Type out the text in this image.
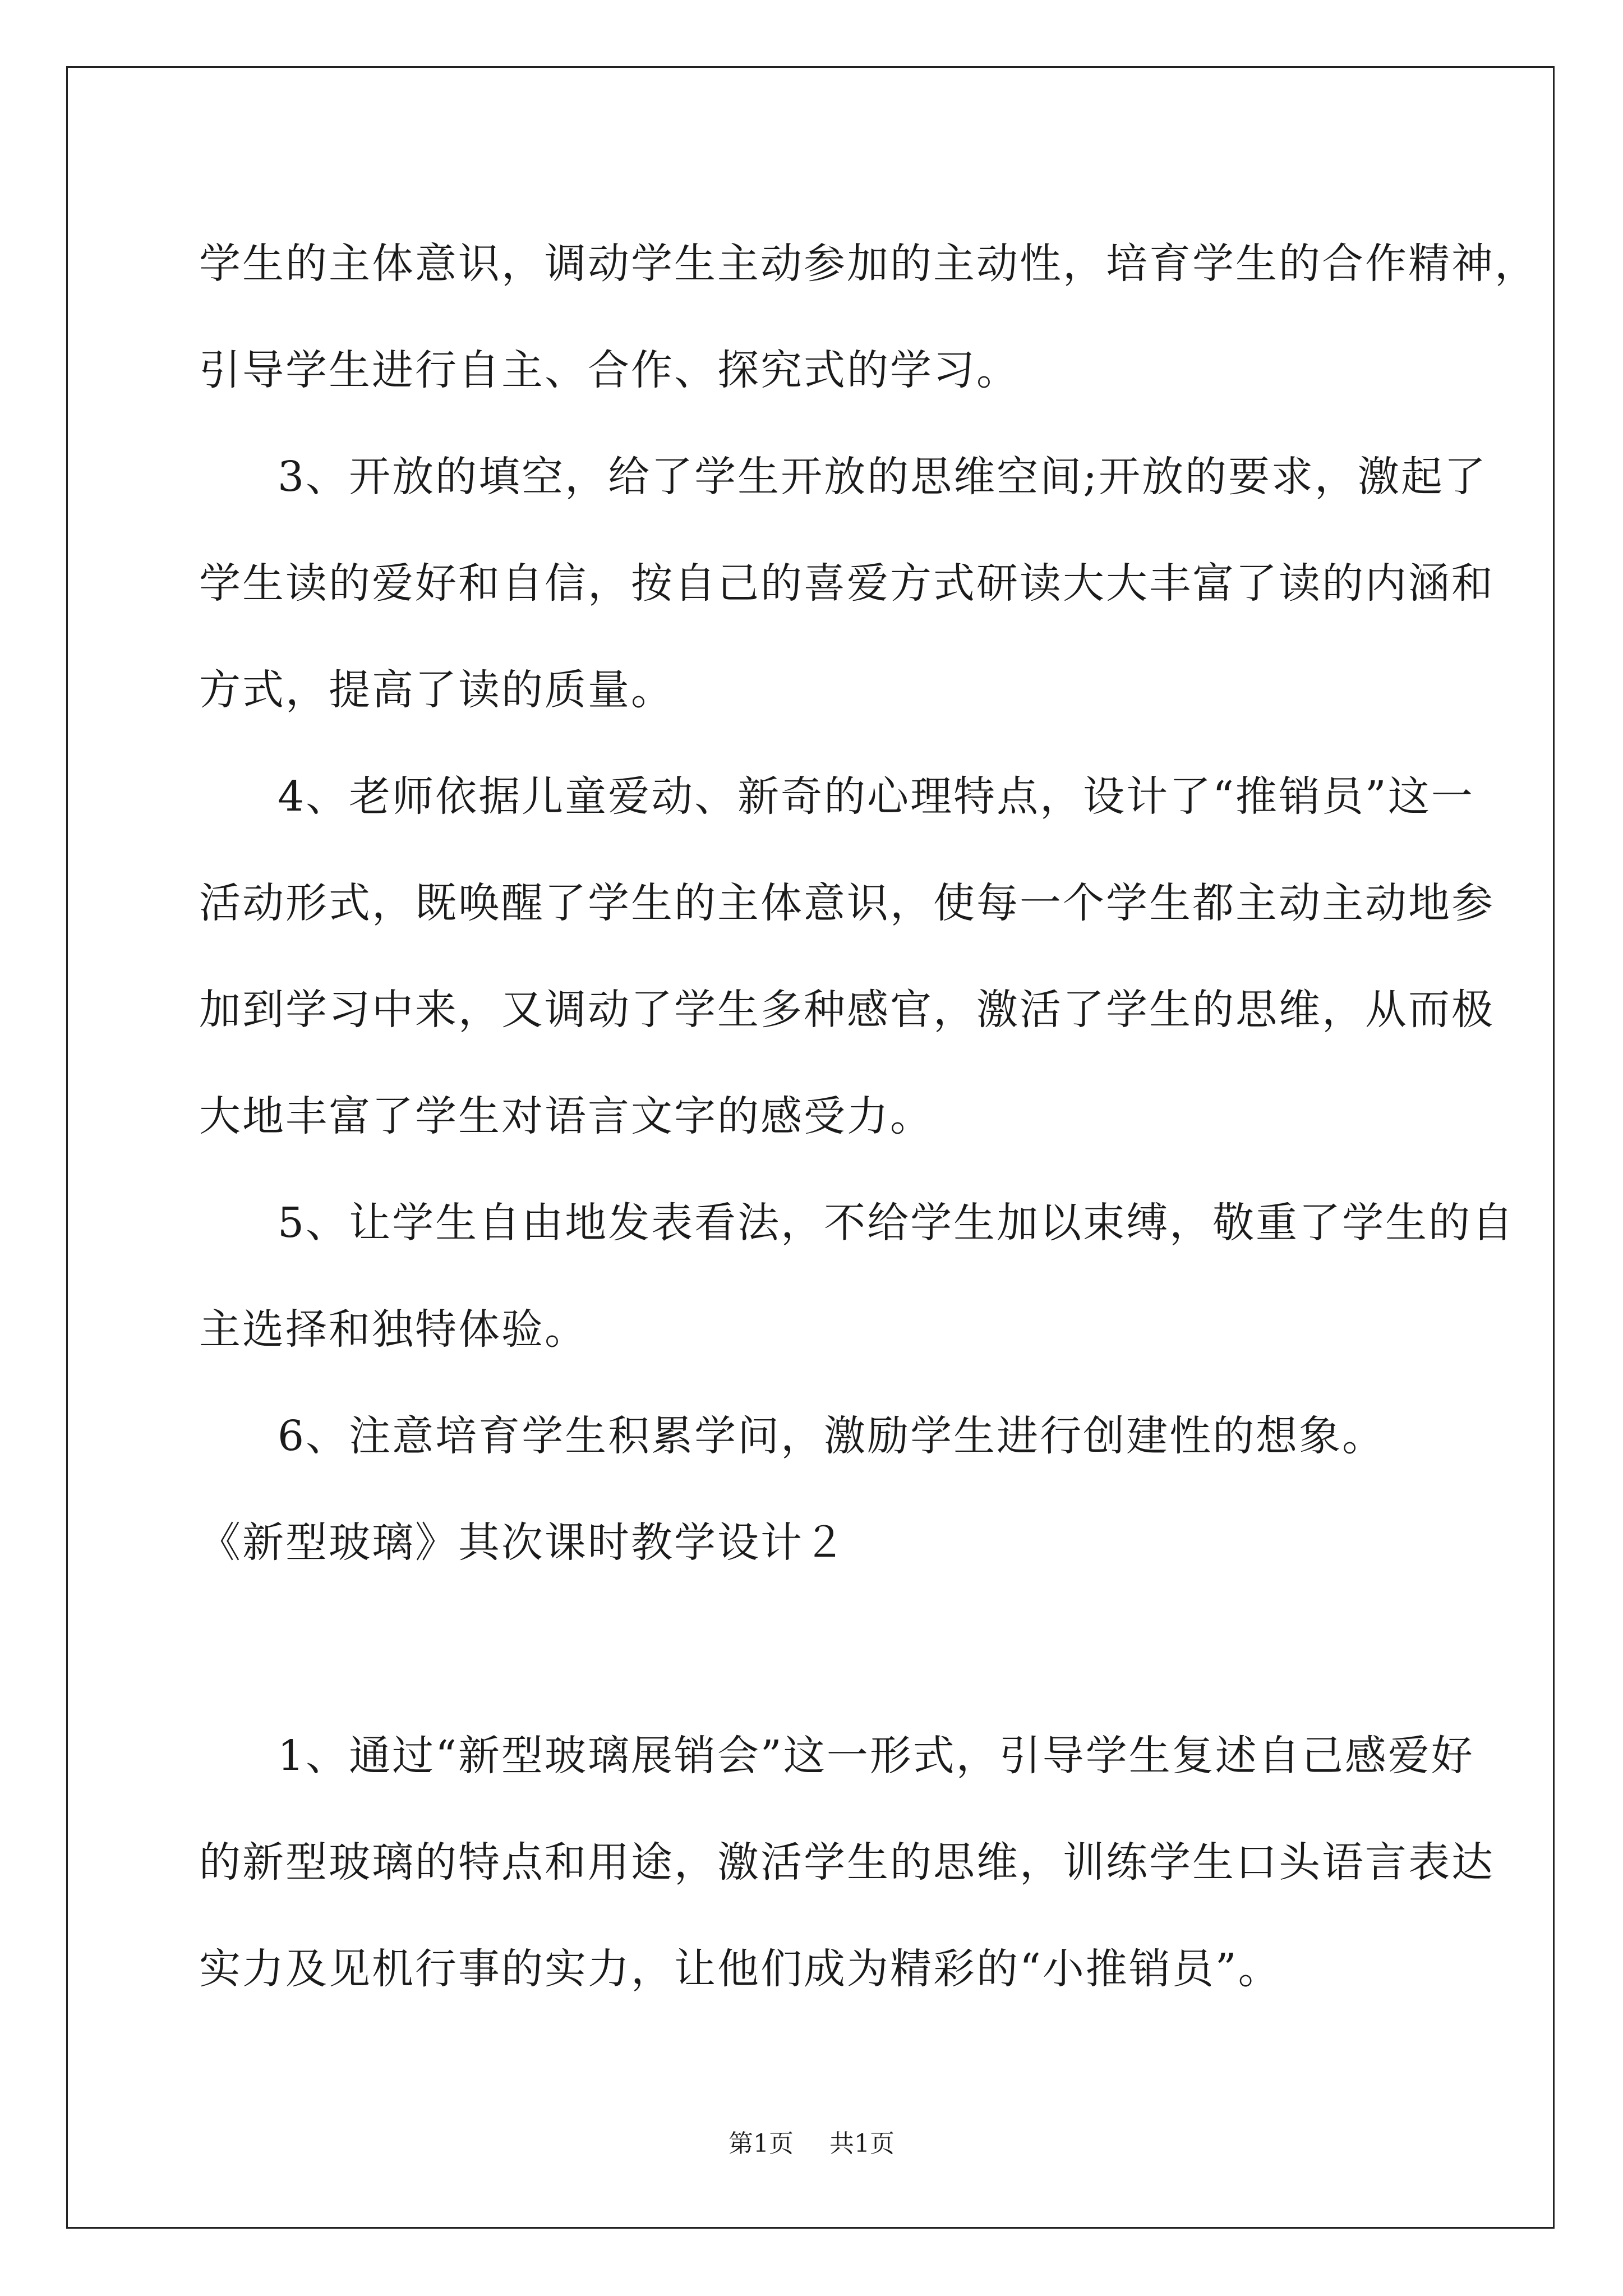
学生的主体意识，调动学生主动参加的主动性，培育学生的合作精神，

引导学生进行自主、合作、探究式的学习。

3、开放的填空，给了学生开放的思维空间;开放的要求，激起了

学生读的爱好和自信，按自己的喜爱方式研读大大丰富了读的内涵和

方式，提高了读的质量。

4、老师依据儿童爱动、新奇的心理特点，设计了“推销员”这一

活动形式，既唤醒了学生的主体意识，使每一个学生都主动主动地参

加到学习中来，又调动了学生多种感官，激活了学生的思维，从而极

大地丰富了学生对语言文字的感受力。

5、让学生自由地发表看法，不给学生加以束缚，敬重了学生的自

主选择和独特体验。

6、注意培育学生积累学问，激励学生进行创建性的想象。

《新型玻璃》其次课时教学设计２

1、通过“新型玻璃展销会”这一形式，引导学生复述自己感爱好

的新型玻璃的特点和用途，激活学生的思维，训练学生口头语言表达

实力及见机行事的实力，让他们成为精彩的“小推销员”。

第1页 共1页
